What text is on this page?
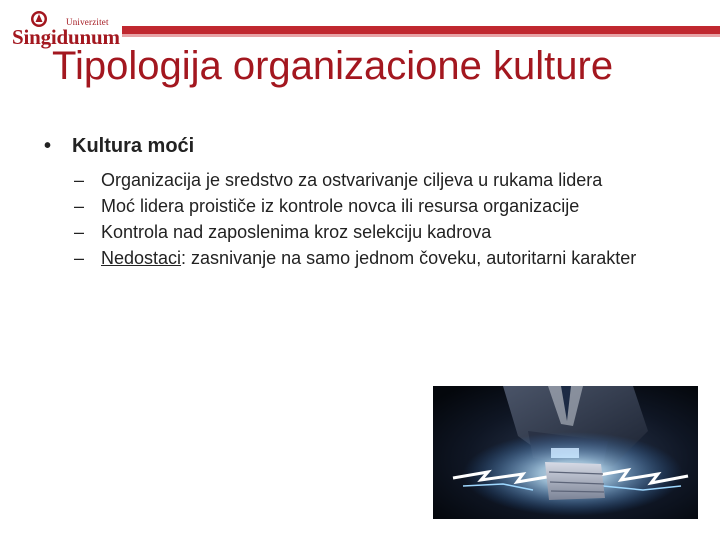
Univerzitet
Singidunum
Tipologija organizacione kulture
• Kultura moći
– Organizacija je sredstvo za ostvarivanje ciljeva u rukama lidera
– Moć lidera proističe iz kontrole novca ili resursa organizacije
– Kontrola nad zaposlenima kroz selekciju kadrova
– Nedostaci: zasnivanje na samo jednom čoveku, autoritarni karakter
